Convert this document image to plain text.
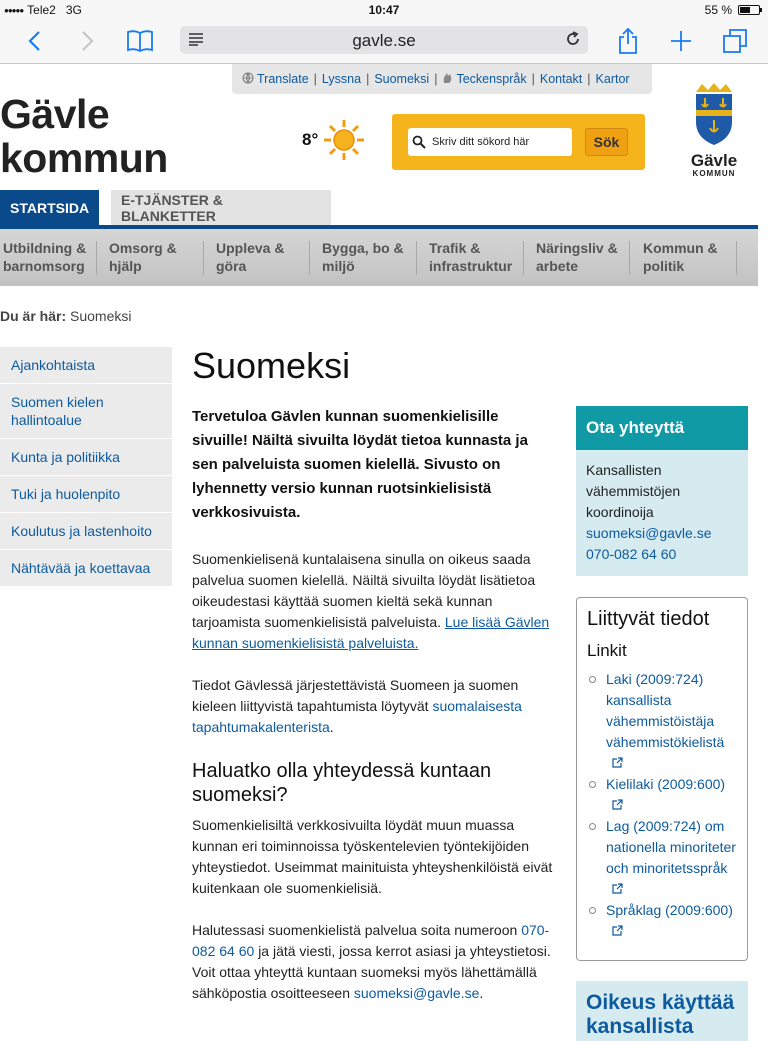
●●●●● Tele2 3G	10:47	55 %
gavle.se
Translate | Lyssna | Suomeksi | Teckenspråk | Kontakt | Kartor
Gävle
kommun	8°	Skriv ditt sökord här	Sök
Gävle
KOMMUN
STARTSIDA	E-TJÄNSTER & BLANKETTER
Utbildning &
barnomsorg
Omsorg &
hjälp
Uppleva &
göra
Bygga, bo &
miljö
Trafik &
infrastruktur
Näringsliv &
arbete
Kommun &
politik
Du är här: Suomeksi
Ajankohtaista
Suomen kielen hallintoalue
Kunta ja politiikka
Tuki ja huolenpito
Koulutus ja lastenhoito
Nähtävää ja koettavaa
Suomeksi
Tervetuloa Gävlen kunnan suomenkielisille sivuille! Näiltä sivuilta löydät tietoa kunnasta ja sen palveluista suomen kielellä. Sivusto on lyhennetty versio kunnan ruotsinkielisistä verkkosivuista.
Suomenkielisenä kuntalaisena sinulla on oikeus saada palvelua suomen kielellä. Näiltä sivuilta löydät lisätietoa oikeudestasi käyttää suomen kieltä sekä kunnan tarjoamista suomenkielisistä palveluista. Lue lisää Gävlen kunnan suomenkielisistä palveluista.
Tiedot Gävlessä järjestettävistä Suomeen ja suomen kieleen liittyvistä tapahtumista löytyvät suomalaisesta tapahtumakalenterista.
Haluatko olla yhteydessä kuntaan suomeksi?
Suomenkielisiltä verkkosivuilta löydät muun muassa kunnan eri toiminnoissa työskentelevien työntekijöiden yhteystiedot. Useimmat mainituista yhteyshenkilöistä eivät kuitenkaan ole suomenkielisiä.
Halutessasi suomenkielistä palvelua soita numeroon 070-082 64 60 ja jätä viesti, jossa kerrot asiasi ja yhteystietosi. Voit ottaa yhteyttä kuntaan suomeksi myös lähettämällä sähköpostia osoitteeseen suomeksi@gavle.se.
Ota yhteyttä
Kansallisten vähemmistöjen koordinoija
suomeksi@gavle.se
070-082 64 60
Liittyvät tiedot
Linkit
Laki (2009:724) kansallista vähemmistöistäja vähemmistökielistä
Kielilaki (2009:600)
Lag (2009:724) om nationella minoriteter och minoritetsspråk
Språklag (2009:600)
Oikeus käyttää kansallista
